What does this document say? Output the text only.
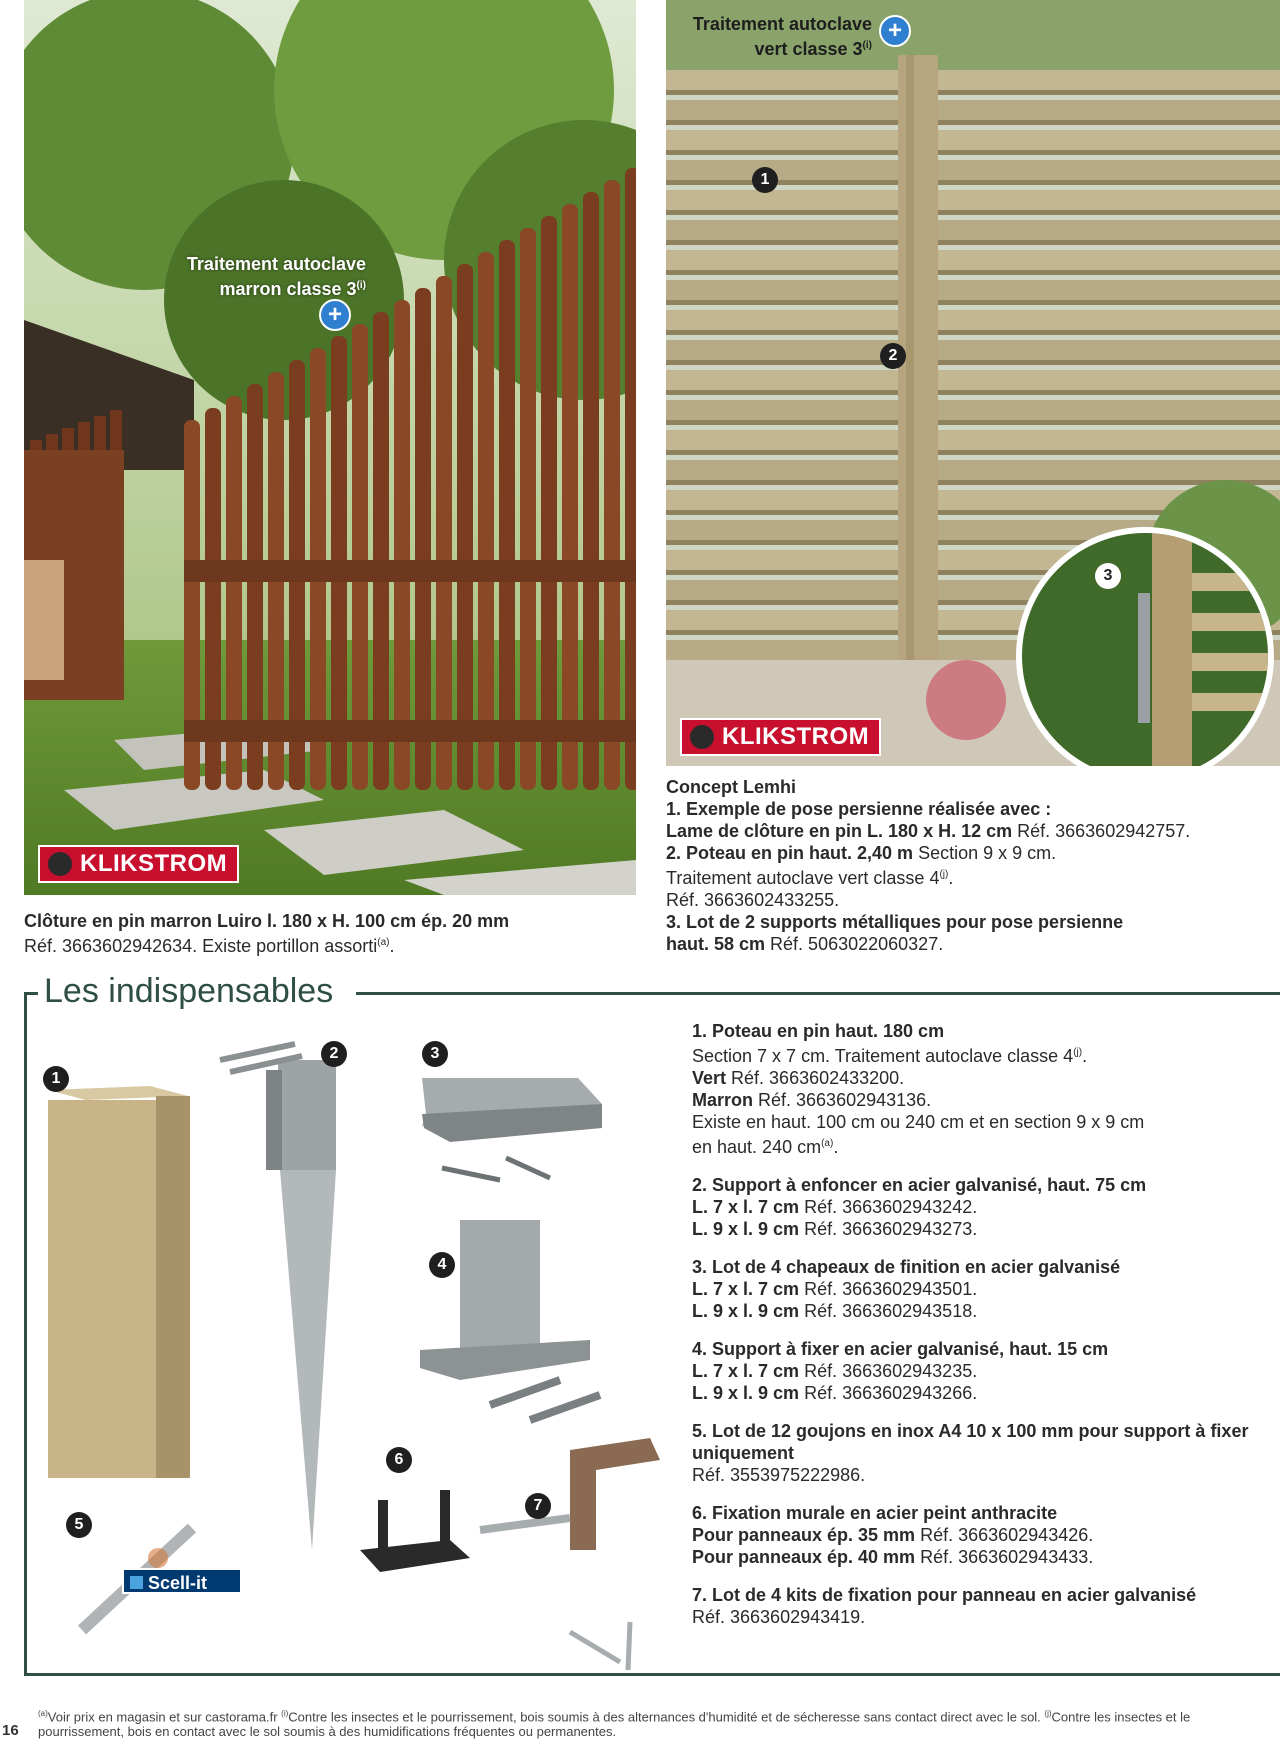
Traitement autoclave
marron classe $3^{(i)}$
+
KLIKSTROM
Traitement autoclave
vert classe $3^{(i)}$
+
1
2
3
KLIKSTROM
Clôture en pin marron Luiro l. 180 x H. 100 cm ép. 20 mm
Réf. 3663602942634. Existe portillon assorti$^{(a)}$.
Concept Lemhi
1. Exemple de pose persienne réalisée avec :
Lame de clôture en pin L. 180 x H. 12 cm Réf. 3663602942757.
2. Poteau en pin haut. 2,40 m Section 9 x 9 cm.
Traitement autoclave vert classe 4$^{(j)}$.
Réf. 3663602433255.
3. Lot de 2 supports métalliques pour pose persienne
haut. 58 cm Réf. 5063022060327.
Les indispensables
1
2	3
4
5
6
7
Scell-it
1. Poteau en pin haut. 180 cm
Section 7 x 7 cm. Traitement autoclave classe 4$^{(j)}$.
Vert Réf. 3663602433200.
Marron Réf. 3663602943136.
Existe en haut. 100 cm ou 240 cm et en section 9 x 9 cm
en haut. 240 $cm^{(a)}$.
2. Support à enfoncer en acier galvanisé, haut. 75 cm
L. 7 x l. 7 cm Réf. 3663602943242.
L. 9 x l. 9 cm Réf. 3663602943273.
3. Lot de 4 chapeaux de finition en acier galvanisé
L. 7 x l. 7 cm Réf. 3663602943501.
L. 9 x l. 9 cm Réf. 3663602943518.
4. Support à fixer en acier galvanisé, haut. 15 cm
L. 7 x l. 7 cm Réf. 3663602943235.
L. 9 x l. 9 cm Réf. 3663602943266.
5. Lot de 12 goujons en inox A4 10 x 100 mm pour support à fixer uniquement
Réf. 3553975222986.
6. Fixation murale en acier peint anthracite
Pour panneaux ép. 35 mm Réf. 3663602943426.
Pour panneaux ép. 40 mm Réf. 3663602943433.
7. Lot de 4 kits de fixation pour panneau en acier galvanisé
Réf. 3663602943419.
$^{(a)}$Voir prix en magasin et sur castorama.fr $^{(i)}$Contre les insectes et le pourrissement, bois soumis à des alternances d'humidité et de sécheresse sans contact direct avec le sol. $^{(j)}$Contre les insectes et le pourrissement, bois en contact avec le sol soumis à des humidifications fréquentes ou permanentes.
16
